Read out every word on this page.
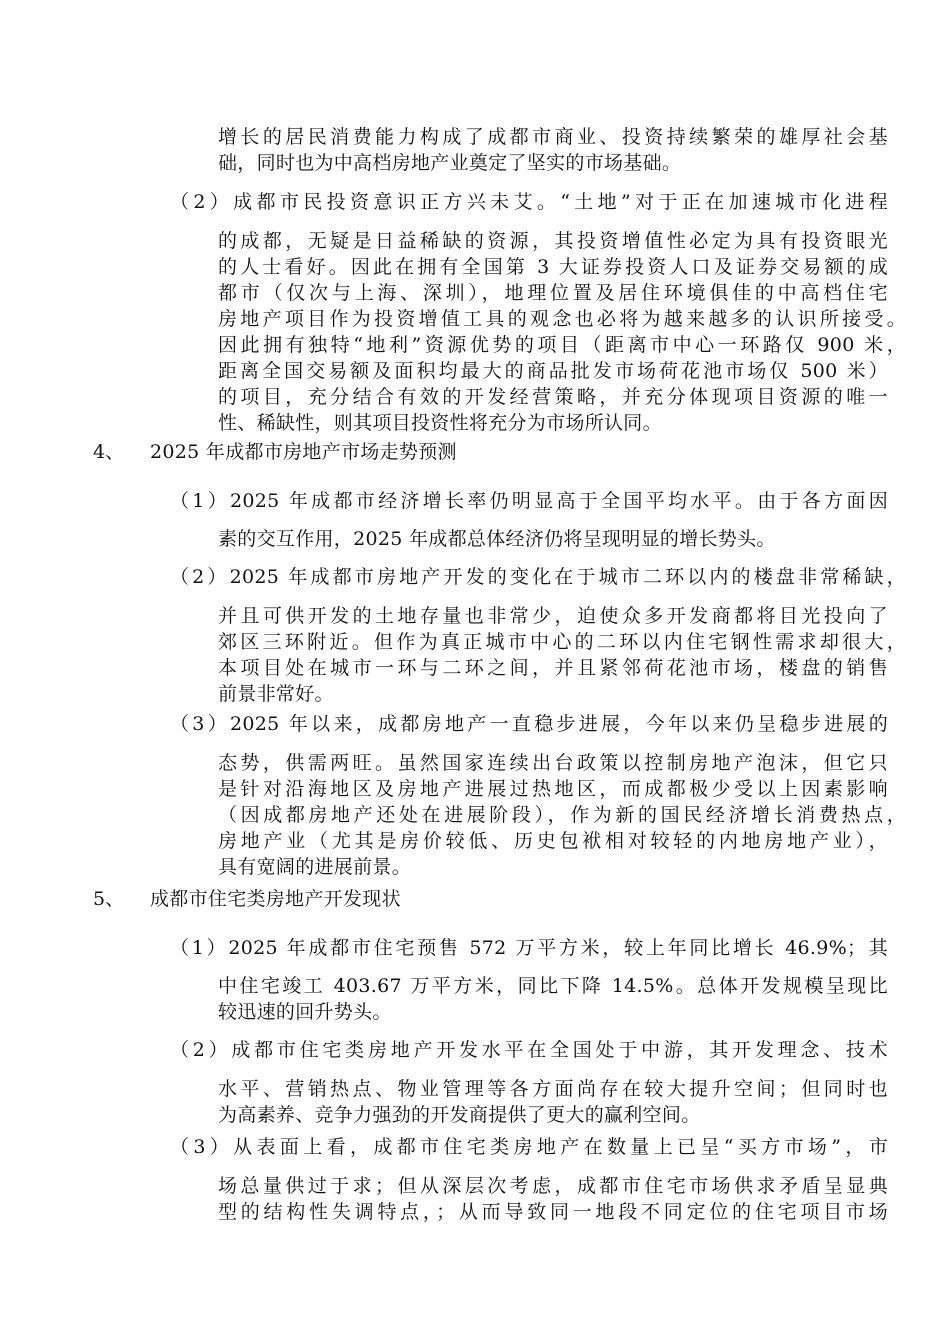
增长的居民消费能力构成了成都市商业、投资持续繁荣的雄厚社会基
础，同时也为中高档房地产业奠定了坚实的市场基础。
（2）成都市民投资意识正方兴未艾。“土地”对于正在加速城市化进程
的成都，无疑是日益稀缺的资源，其投资增值性必定为具有投资眼光
的人士看好。因此在拥有全国第 3 大证券投资人口及证券交易额的成
都市（仅次与上海、深圳），地理位置及居住环境俱佳的中高档住宅
房地产项目作为投资增值工具的观念也必将为越来越多的认识所接受。
因此拥有独特“地利”资源优势的项目（距离市中心一环路仅 900 米，
距离全国交易额及面积均最大的商品批发市场荷花池市场仅 500 米）
的项目，充分结合有效的开发经营策略，并充分体现项目资源的唯一
性、稀缺性，则其项目投资性将充分为市场所认同。
4、 2025 年成都市房地产市场走势预测
（1）2025 年成都市经济增长率仍明显高于全国平均水平。由于各方面因
素的交互作用，2025 年成都总体经济仍将呈现明显的增长势头。
（2）2025 年成都市房地产开发的变化在于城市二环以内的楼盘非常稀缺，
并且可供开发的土地存量也非常少，迫使众多开发商都将目光投向了
郊区三环附近。但作为真正城市中心的二环以内住宅钢性需求却很大，
本项目处在城市一环与二环之间，并且紧邻荷花池市场，楼盘的销售
前景非常好。
（3）2025 年以来，成都房地产一直稳步进展，今年以来仍呈稳步进展的
态势，供需两旺。虽然国家连续出台政策以控制房地产泡沫，但它只
是针对沿海地区及房地产进展过热地区，而成都极少受以上因素影响
（因成都房地产还处在进展阶段），作为新的国民经济增长消费热点，
房地产业（尤其是房价较低、历史包袱相对较轻的内地房地产业），
具有宽阔的进展前景。
5、 成都市住宅类房地产开发现状
（1）2025 年成都市住宅预售 572 万平方米，较上年同比增长 46.9%；其
中住宅竣工 403.67 万平方米，同比下降 14.5%。总体开发规模呈现比
较迅速的回升势头。
（2）成都市住宅类房地产开发水平在全国处于中游，其开发理念、技术
水平、营销热点、物业管理等各方面尚存在较大提升空间；但同时也
为高素养、竞争力强劲的开发商提供了更大的赢利空间。
（3）从表面上看，成都市住宅类房地产在数量上已呈“买方市场”，市
场总量供过于求；但从深层次考虑，成都市住宅市场供求矛盾呈显典
型的结构性失调特点，；从而导致同一地段不同定位的住宅项目市场
